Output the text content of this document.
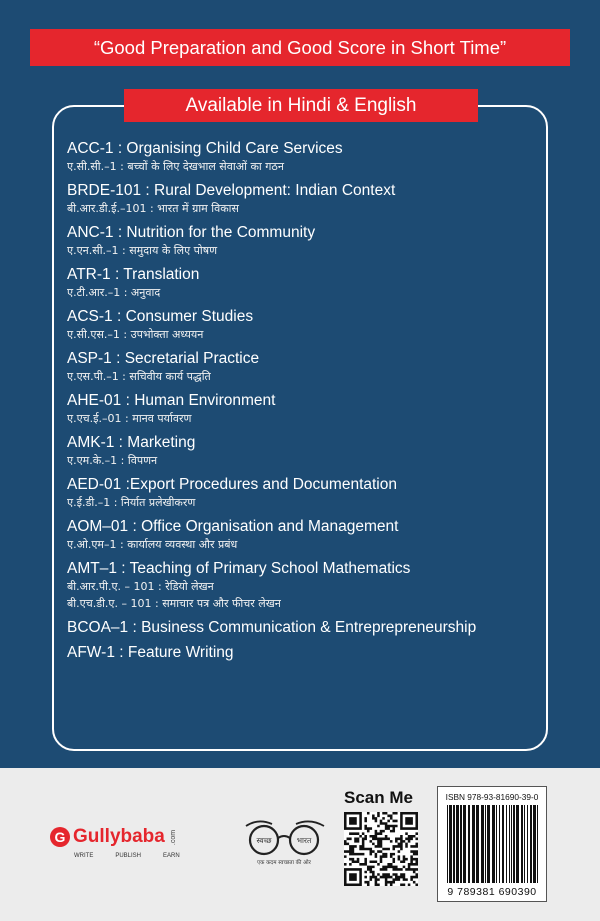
“Good Preparation and Good Score in Short Time”
Available in Hindi & English
ACC-1 : Organising Child Care Services
ए.सी.सी.–1 : बच्चों के लिए देखभाल सेवाओं का गठन
BRDE-101 : Rural Development: Indian Context
बी.आर.डी.ई.–101 : भारत में ग्राम विकास
ANC-1 : Nutrition for the Community
ए.एन.सी.–1 : समुदाय के लिए पोषण
ATR-1 : Translation
ए.टी.आर.–1 : अनुवाद
ACS-1 : Consumer Studies
ए.सी.एस.–1 : उपभोक्ता अध्ययन
ASP-1 : Secretarial Practice
ए.एस.पी.–1 : सचिवीय कार्य पद्धति
AHE-01 : Human Environment
ए.एच.ई.–01 : मानव पर्यावरण
AMK-1 : Marketing
ए.एम.के.–1 : विपणन
AED-01 :Export Procedures and Documentation
ए.ई.डी.–1 : निर्यात प्रलेखीकरण
AOM–01 : Office Organisation and Management
ए.ओ.एम–1 : कार्यालय व्यवस्था और प्रबंध
AMT–1 : Teaching of Primary School Mathematics
बी.आर.पी.ए. – 101 : रेडियो लेखन
बी.एच.डी.ए. – 101 : समाचार पत्र और फीचर लेखन
BCOA–1 : Business Communication & Entreprepreneurship
AFW-1 : Feature Writing
G Gullybaba .com
WRITE	PUBLISH	EARN
स्वच्छ	भारत
एक कदम स्वच्छता की ओर
Scan Me	ISBN 978-93-81690-39-0
9 789381 690390
